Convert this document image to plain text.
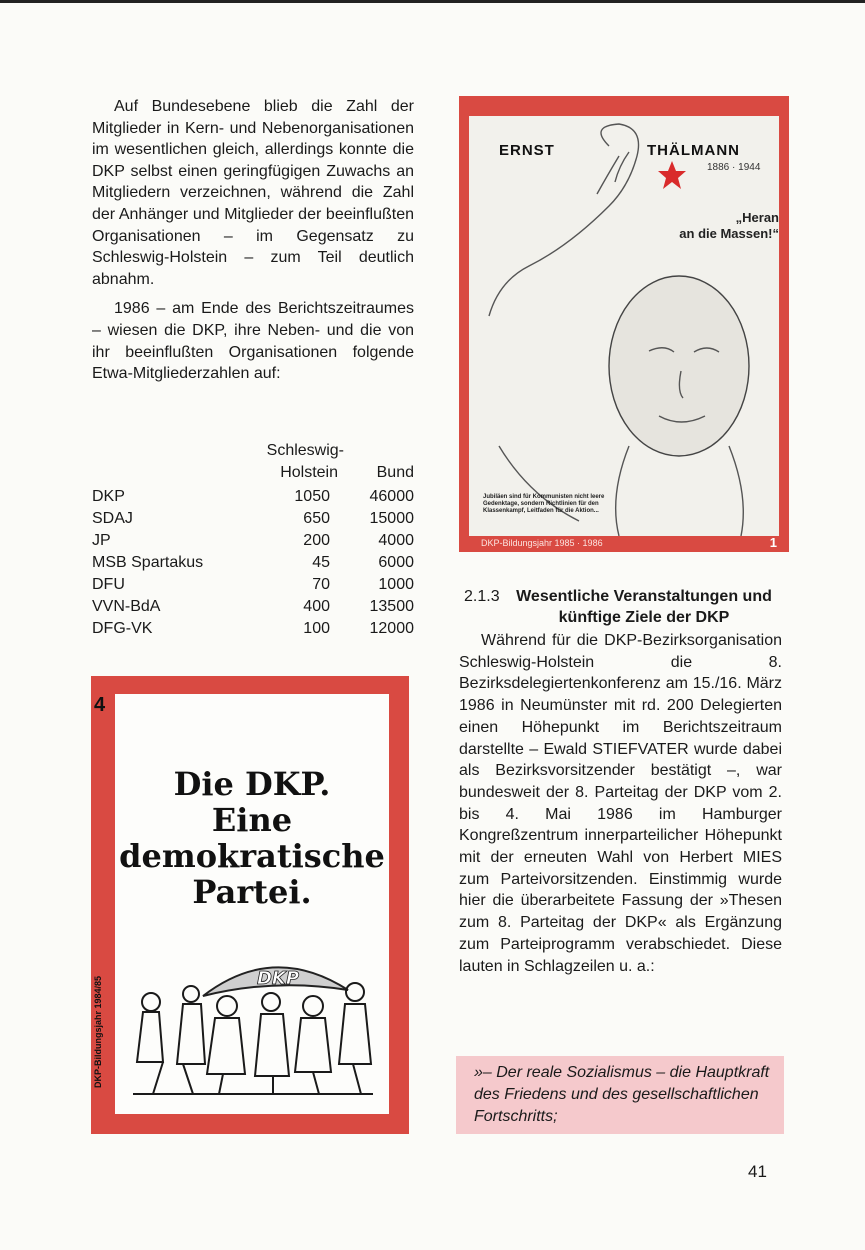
Auf Bundesebene blieb die Zahl der Mitglieder in Kern- und Nebenorganisationen im wesentlichen gleich, allerdings konnte die DKP selbst einen geringfügigen Zuwachs an Mitgliedern verzeichnen, während die Zahl der Anhänger und Mitglieder der beeinflußten Organisationen – im Gegensatz zu Schleswig-Holstein – zum Teil deutlich abnahm.

1986 – am Ende des Berichtszeitraumes – wiesen die DKP, ihre Neben- und die von ihr beeinflußten Organisationen folgende Etwa-Mitgliederzahlen auf:

Schleswig-
Holstein Bund
DKP	1050 46000
SDAJ	650 15000
JP	200	4000
MSB Spartakus	45	6000
DFU	70	1000
VVN-BdA	400 13500
DFG-VK	100 12000
4
DKP-Bildungsjahr 1984/85
Die DKP.
Eine
demokratische
Partei.
DKP
ERNST	THÄLMANN
1886 · 1944
„Heran
an die Massen!“
Jubiläen sind für Kommunisten nicht leere Gedenktage, sondern Richtlinien für den Klassenkampf, Leitfaden für die Aktion...
DKP-Bildungsjahr 1985 · 1986	1
2.1.3	Wesentliche Veranstaltungen und künftige Ziele der DKP

Während für die DKP-Bezirksorganisation Schleswig-Holstein die 8. Bezirksdelegiertenkonferenz am 15./16. März 1986 in Neumünster mit rd. 200 Delegierten einen Höhepunkt im Berichtszeitraum darstellte – Ewald STIEFVATER wurde dabei als Bezirksvorsitzender bestätigt –, war bundesweit der 8. Parteitag der DKP vom 2. bis 4. Mai 1986 im Hamburger Kongreßzentrum innerparteilicher Höhepunkt mit der erneuten Wahl von Herbert MIES zum Parteivorsitzenden. Einstimmig wurde hier die überarbeitete Fassung der »Thesen zum 8. Parteitag der DKP« als Ergänzung zum Parteiprogramm verabschiedet. Diese lauten in Schlagzeilen u. a.:

»– Der reale Sozialismus – die Hauptkraft des Friedens und des gesellschaftlichen Fortschritts;
41
